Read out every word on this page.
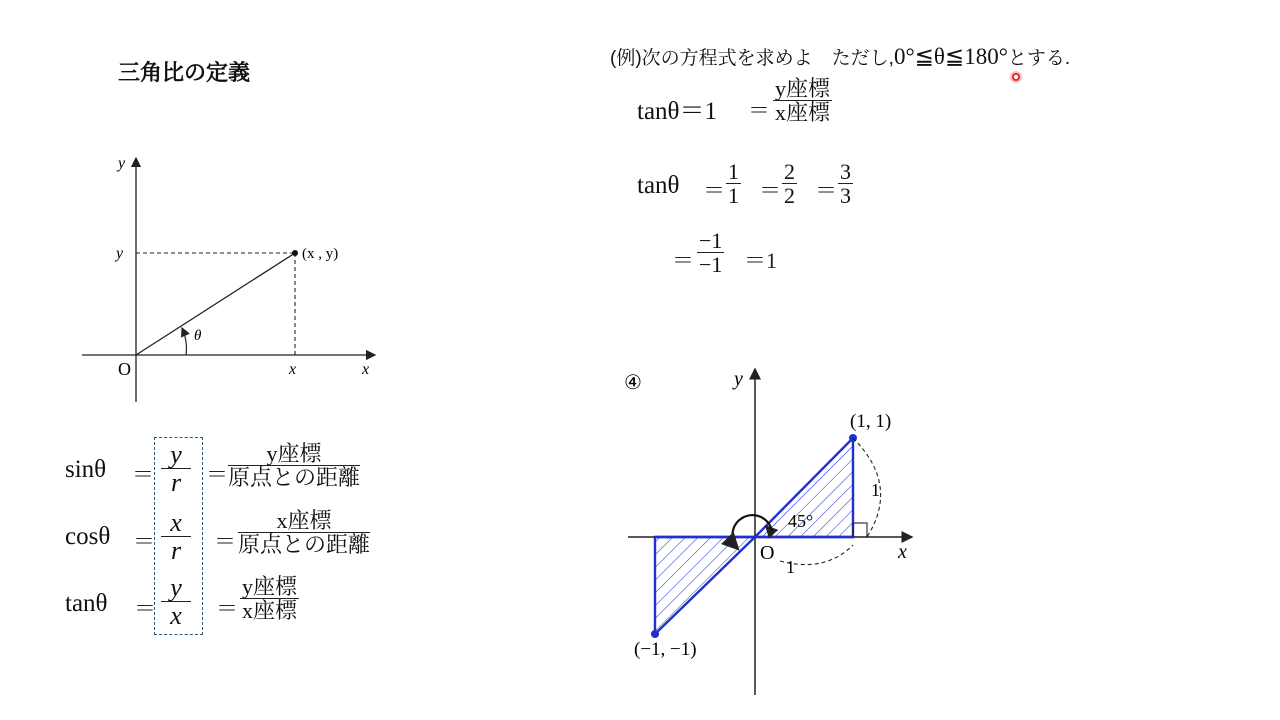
三角比の定義
(例)次の方程式を求めよ　ただし,0°≦θ≦180°とする.
tanθ＝1 ＝
y座標
x座標
$\tan\theta = \frac{1}{1} = \frac{2}{2} = \frac{3}{3}$
＝ $\frac{-1}{-1} =1$
y
x
O
(x , y)
y
x
θ
sinθ ＝
cosθ ＝
tanθ ＝
$\frac{y}{r}$
$\frac{x}{r}$
$\frac{y}{x}$
＝
y座標
原点との距離
＝
x座標
原点との距離
＝
y座標
x座標
④	y
x
O
(1, 1)
(−1, −1)
45°
1
1
